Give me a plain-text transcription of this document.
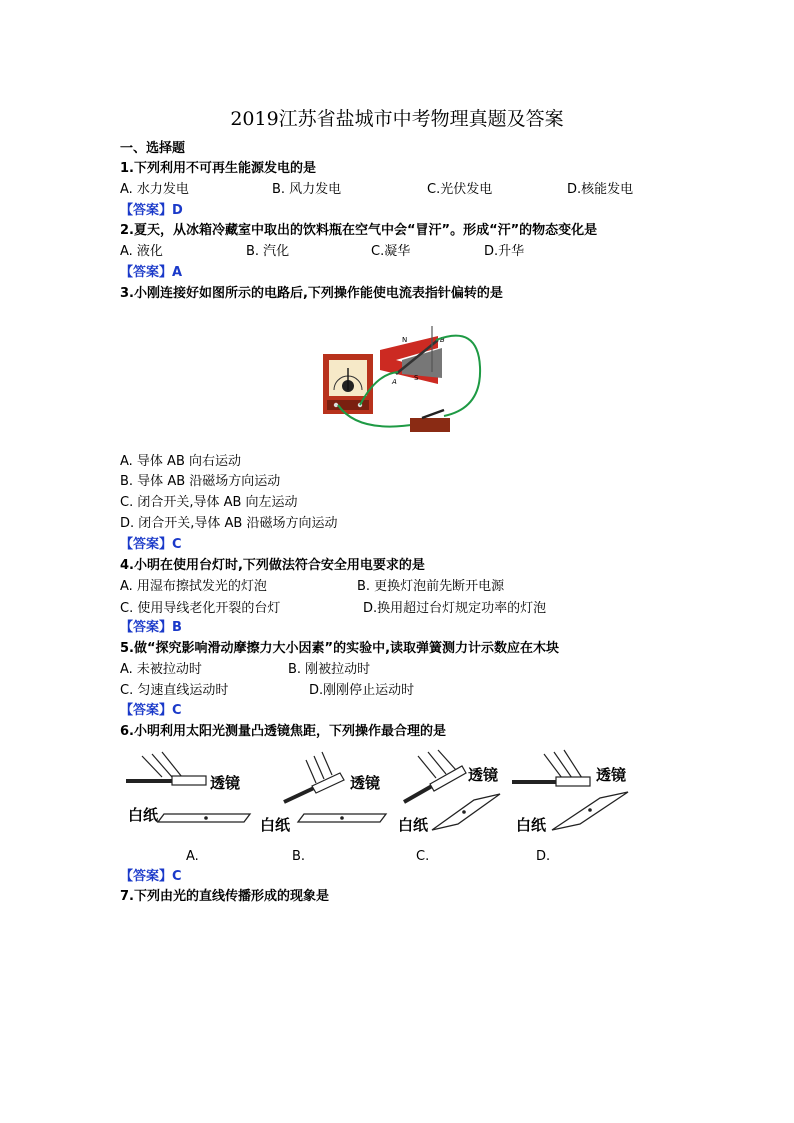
2019江苏省盐城市中考物理真题及答案
一、选择题
1.下列利用不可再生能源发电的是
A. 水力发电	B. 风力发电	C.光伏发电	D.核能发电
【答案】D
2.夏天，从冰箱冷藏室中取出的饮料瓶在空气中会“冒汗”。形成“汗”的物态变化是
A. 液化	B. 汽化	C.凝华	D.升华
【答案】A
3.小刚连接好如图所示的电路后,下列操作能使电流表指针偏转的是
N
S
A
B
A. 导体 AB 向右运动
B. 导体 AB 沿磁场方向运动
C. 闭合开关,导体 AB 向左运动
D. 闭合开关,导体 AB 沿磁场方向运动
【答案】C
4.小明在使用台灯时,下列做法符合安全用电要求的是
A. 用湿布擦拭发光的灯泡	B. 更换灯泡前先断开电源
C. 使用导线老化开裂的台灯	D.换用超过台灯规定功率的灯泡
【答案】B
5.做“探究影响滑动摩擦力大小因素”的实验中,读取弹簧测力计示数应在木块
A. 未被拉动时	B. 刚被拉动时
C. 匀速直线运动时	D.刚刚停止运动时
【答案】C
6.小明利用太阳光测量凸透镜焦距，下列操作最合理的是
透镜
白纸
透镜
白纸
透镜
白纸
透镜
白纸
A.	B.	C.	D.
【答案】C
7.下列由光的直线传播形成的现象是
